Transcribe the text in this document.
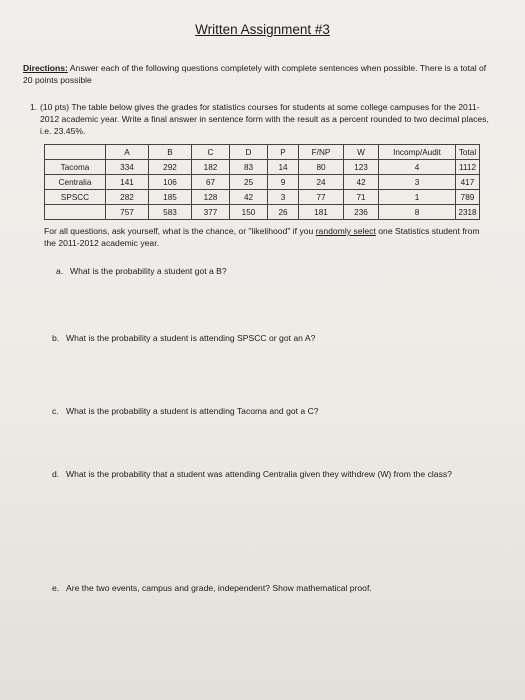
Written Assignment #3
Directions: Answer each of the following questions completely with complete sentences when possible. There is a total of 20 points possible
1. (10 pts) The table below gives the grades for statistics courses for students at some college campuses for the 2011-2012 academic year. Write a final answer in sentence form with the result as a percent rounded to two decimal places, i.e. 23.45%.
	A	B	C	D	P	F/NP	W	Incomp/Audit	Total
Tacoma	334	292	182	83	14	80	123	4	1112
Centralia	141	106	67	25	9	24	42	3	417
SPSCC	282	185	128	42	3	77	71	1	789
	757	583	377	150	26	181	236	8	2318
For all questions, ask yourself, what is the chance, or "likelihood" if you randomly select one Statistics student from the 2011-2012 academic year.
a. What is the probability a student got a B?
b. What is the probability a student is attending SPSCC or got an A?
c. What is the probability a student is attending Tacoma and got a C?
d. What is the probability that a student was attending Centralia given they withdrew (W) from the class?
e. Are the two events, campus and grade, independent? Show mathematical proof.
